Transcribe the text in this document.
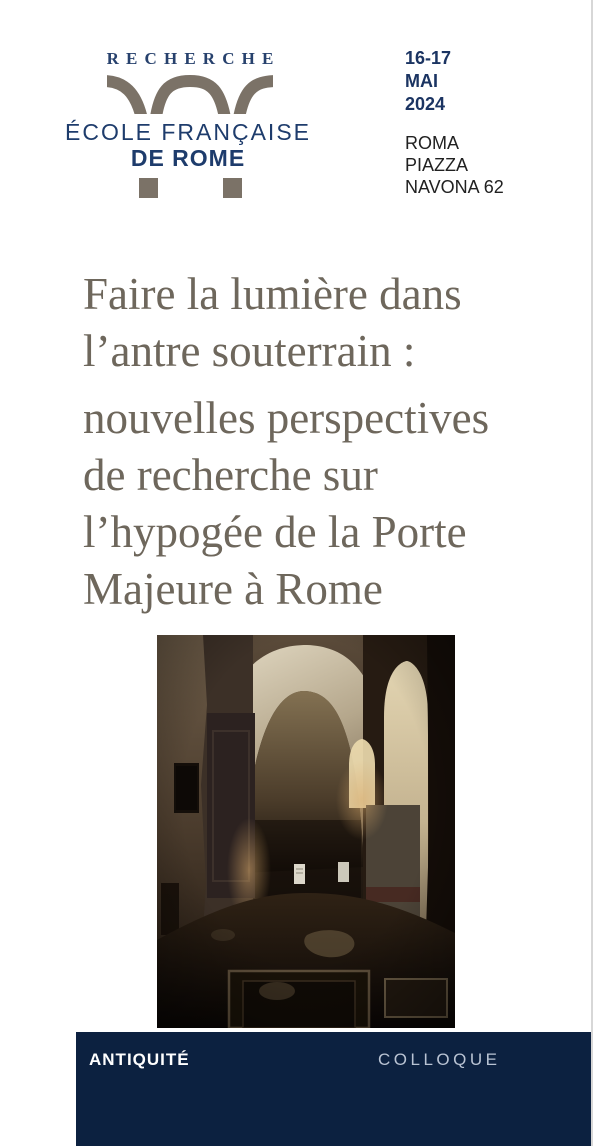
RECHERCHE
ÉCOLE FRANÇAISE
DE ROME
16-17
MAI
2024
ROMA
PIAZZA
NAVONA 62
Faire la lumière dans
l’antre souterrain :
nouvelles perspectives
de recherche sur
l’hypogée de la Porte
Majeure à Rome
ANTIQUITÉ	COLLOQUE
